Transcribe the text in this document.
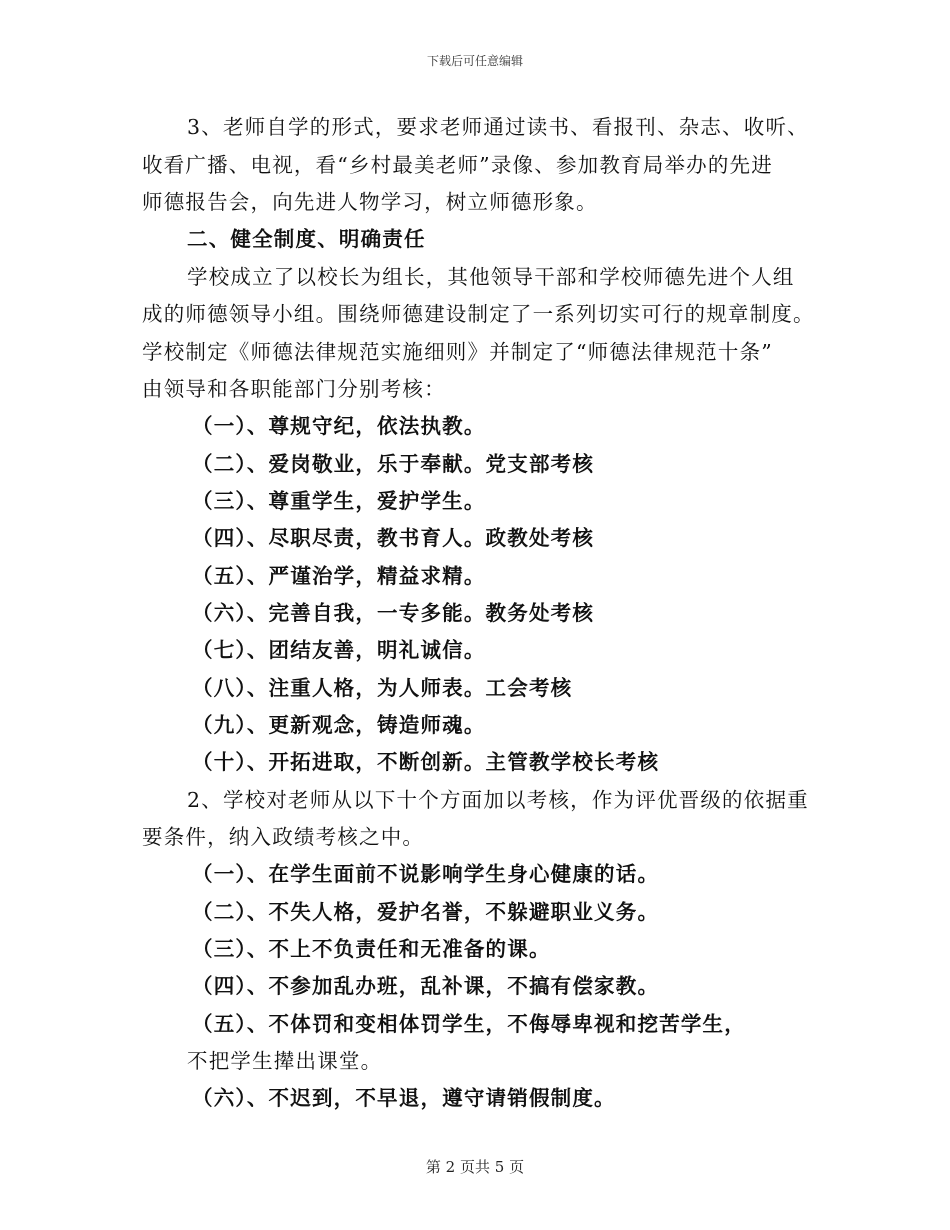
下载后可任意编辑
3、老师自学的形式，要求老师通过读书、看报刊、杂志、收听、
收看广播、电视，看“乡村最美老师”录像、参加教育局举办的先进
师德报告会，向先进人物学习，树立师德形象。
二、健全制度、明确责任
学校成立了以校长为组长，其他领导干部和学校师德先进个人组
成的师德领导小组。围绕师德建设制定了一系列切实可行的规章制度。
学校制定《师德法律规范实施细则》并制定了“师德法律规范十条”
由领导和各职能部门分别考核：
（一）、尊规守纪，依法执教。
（二）、爱岗敬业，乐于奉献。党支部考核
（三）、尊重学生，爱护学生。
（四）、尽职尽责，教书育人。政教处考核
（五）、严谨治学，精益求精。
（六）、完善自我，一专多能。教务处考核
（七）、团结友善，明礼诚信。
（八）、注重人格，为人师表。工会考核
（九）、更新观念，铸造师魂。
（十）、开拓进取，不断创新。主管教学校长考核
2、学校对老师从以下十个方面加以考核，作为评优晋级的依据重
要条件，纳入政绩考核之中。
（一）、在学生面前不说影响学生身心健康的话。
（二）、不失人格，爱护名誉，不躲避职业义务。
（三）、不上不负责任和无准备的课。
（四）、不参加乱办班，乱补课，不搞有偿家教。
（五）、不体罚和变相体罚学生，不侮辱卑视和挖苦学生，
不把学生撵出课堂。
（六）、不迟到，不早退，遵守请销假制度。
第 2 页共 5 页
